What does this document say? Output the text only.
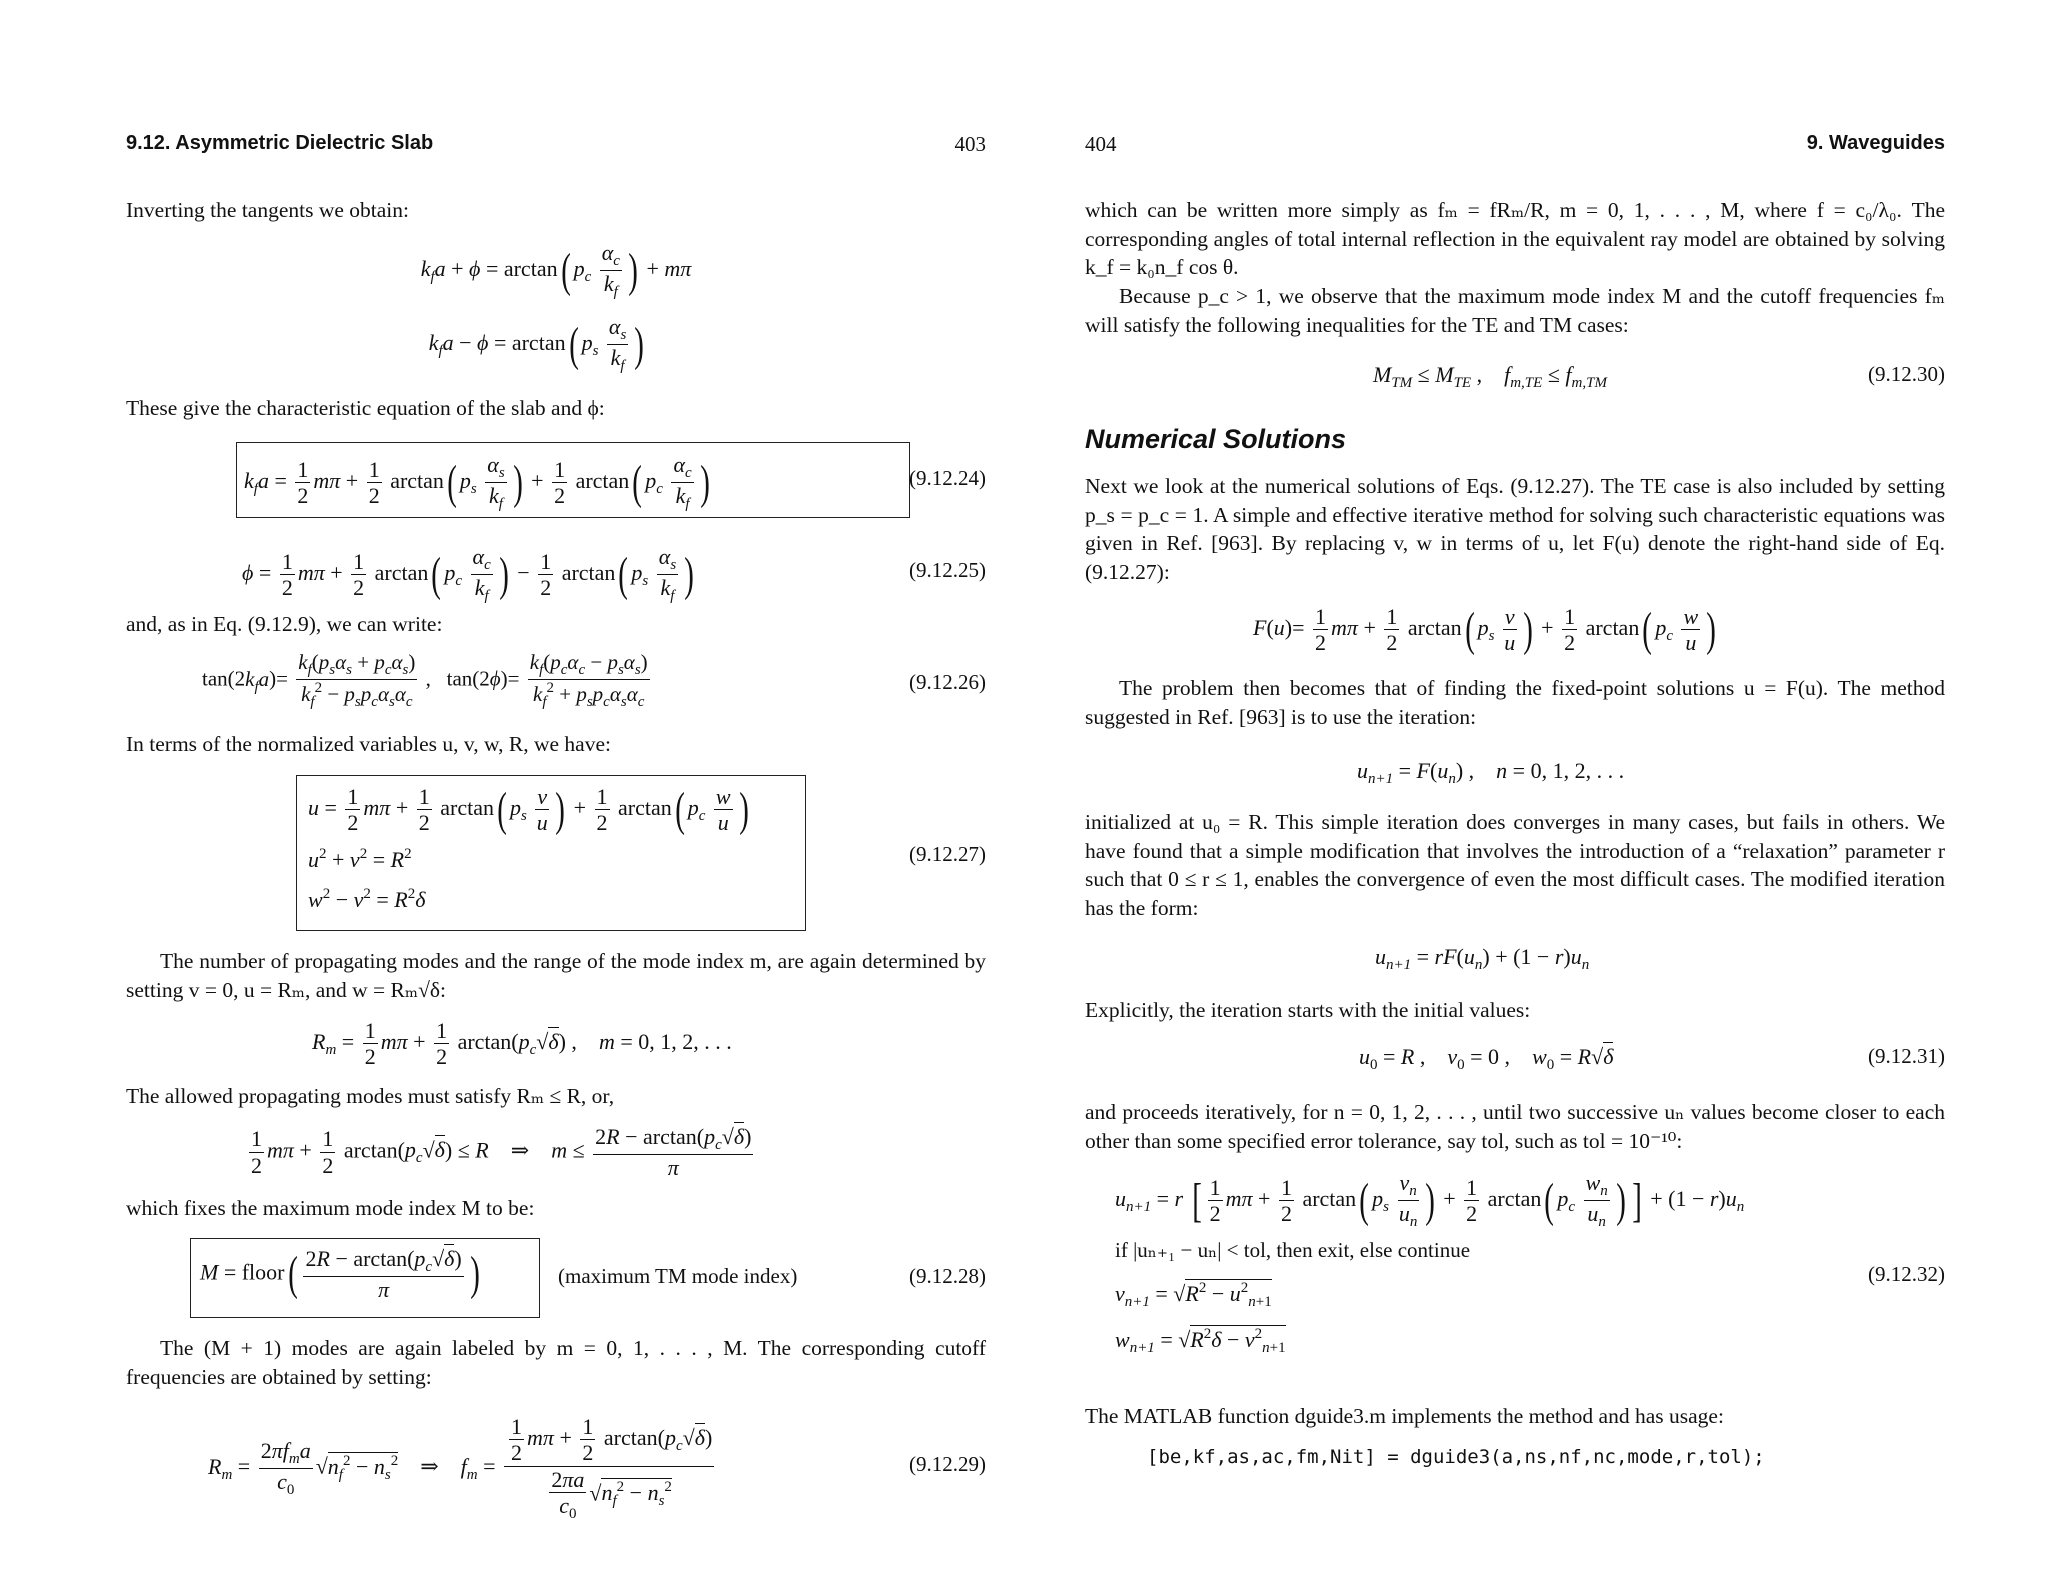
9.12. Asymmetric Dielectric Slab	403

Inverting the tangents we obtain:

$k_fa + \phi = \arctan$( $p_c \frac{\alpha_c}{k_f}$ ) + mπ
$k_fa - \phi = \arctan$( $p_s \frac{\alpha_s}{k_f}$ )

These give the characteristic equation of the slab and ϕ:

$k_fa = \frac{1}{2}$ $m\pi + \frac{1}{2} \arctan$( $p_s \frac{\alpha_s}{k_f}$ ) + $\frac{1}{2} \arctan$( $p_c \frac{\alpha_c}{k_f}$ )	(9.12.24)
$\phi = \frac{1}{2}$ $m\pi + \frac{1}{2} \arctan$( $p_c \frac{\alpha_c}{k_f}$ ) − $\frac{1}{2} \arctan$( $p_s \frac{\alpha_s}{k_f}$ )	(9.12.25)

and, as in Eq. (9.12.9), we can write:

$\tan(2k_fa)=$
$k_f(p_s\alpha_s + p_c\alpha_s)$
$k_f^2 - p_sp_c\alpha_s\alpha_c$
,   tan(2ϕ)=
$k_f(p_c\alpha_c - p_s\alpha_s)$
$k_f^2 + p_sp_c\alpha_s\alpha_c$
(9.12.26)

In terms of the normalized variables u, v, w, R, we have:

$u = \frac{1}{2}$ $m\pi + \frac{1}{2} \arctan$( $p_s \frac{v}{u}$ ) + $\frac{1}{2} \arctan$( $p_c \frac{w}{u}$ )
$u^2 + v^2 = R^2$
$w^2 - v^2 = R^2\delta$
(9.12.27)

The number of propagating modes and the range of the mode index m, are again determined by setting v = 0, u = Rₘ, and w = Rₘ√δ:

$R_m = \frac{1}{2}$ $m\pi + \frac{1}{2} \arctan(p_c√\delta)$ ,    m = 0, 1, 2, . . .

The allowed propagating modes must satisfy Rₘ ≤ R, or,

$\frac{1}{2}$ $m\pi + \frac{1}{2} \arctan(p_c√\delta) \le R$    ⇒    $m \le \frac{2R - \arctan(p_c√\delta)}{\pi}$

which fixes the maximum mode index M to be:

M = floor( $\frac{2R - \arctan(p_c√\delta)}{\pi}$ )	(maximum TM mode index)	(9.12.28)

The (M + 1) modes are again labeled by m = 0, 1, . . . , M. The corresponding cutoff frequencies are obtained by setting:

$R_m$ =
$2\pi f_ma$
$c_0$
$√n_f^2 - n_s^2$    ⇒    $f_m$ =
$\frac{1}{2}$ $m\pi + \frac{1}{2} \arctan(p_c√\delta)$
$\frac{2\pi a}{c_0} √n_f^2 - n_s^2$
(9.12.29)
404	9. Waveguides

which can be written more simply as fₘ = fRₘ/R, m = 0, 1, . . . , M, where f = c₀/λ₀. The corresponding angles of total internal reflection in the equivalent ray model are obtained by solving k_f = k₀n_f cos θ.

Because p_c > 1, we observe that the maximum mode index M and the cutoff frequencies fₘ will satisfy the following inequalities for the TE and TM cases:

$M_{TM} \le M_{TE}$ ,    $f_{m,TE} \le f_{m,TM}$	(9.12.30)
Numerical Solutions

Next we look at the numerical solutions of Eqs. (9.12.27). The TE case is also included by setting p_s = p_c = 1. A simple and effective iterative method for solving such characteristic equations was given in Ref. [963]. By replacing v, w in terms of u, let F(u) denote the right-hand side of Eq. (9.12.27):

$F(u)= \frac{1}{2}$ $m\pi + \frac{1}{2} \arctan$( $p_s \frac{v}{u}$ ) + $\frac{1}{2} \arctan$( $p_c \frac{w}{u}$ )

The problem then becomes that of finding the fixed-point solutions u = F(u). The method suggested in Ref. [963] is to use the iteration:

$u_{n+1} = F(u_n)$ ,    n = 0, 1, 2, . . .

initialized at u₀ = R. This simple iteration does converges in many cases, but fails in others. We have found that a simple modification that involves the introduction of a “relaxation” parameter r such that 0 ≤ r ≤ 1, enables the convergence of even the most difficult cases. The modified iteration has the form:

$u_{n+1} = rF(u_n) + (1 - r)u_n$

Explicitly, the iteration starts with the initial values:

$u_0 = R$ ,    $v_0 = 0$ ,    $w_0 = R√\delta$	(9.12.31)

and proceeds iteratively, for n = 0, 1, 2, . . . , until two successive uₙ values become closer to each other than some specified error tolerance, say tol, such as tol = 10⁻¹⁰:

$u_{n+1} = r$ [ $\frac{1}{2}$ $m\pi + \frac{1}{2} \arctan$( $p_s \frac{v_n}{u_n}$ ) + $\frac{1}{2} \arctan$( $p_c \frac{w_n}{u_n}$ ) ] + $(1 - r)u_n$
if |uₙ₊₁ − uₙ| < tol, then exit, else continue
$v_{n+1} = √R^2 - u^2_{n+1}$
$w_{n+1} = √R^2\delta - v^2_{n+1}$
(9.12.32)

The MATLAB function dguide3.m implements the method and has usage:

[be,kf,as,ac,fm,Nit] = dguide3(a,ns,nf,nc,mode,r,tol);
